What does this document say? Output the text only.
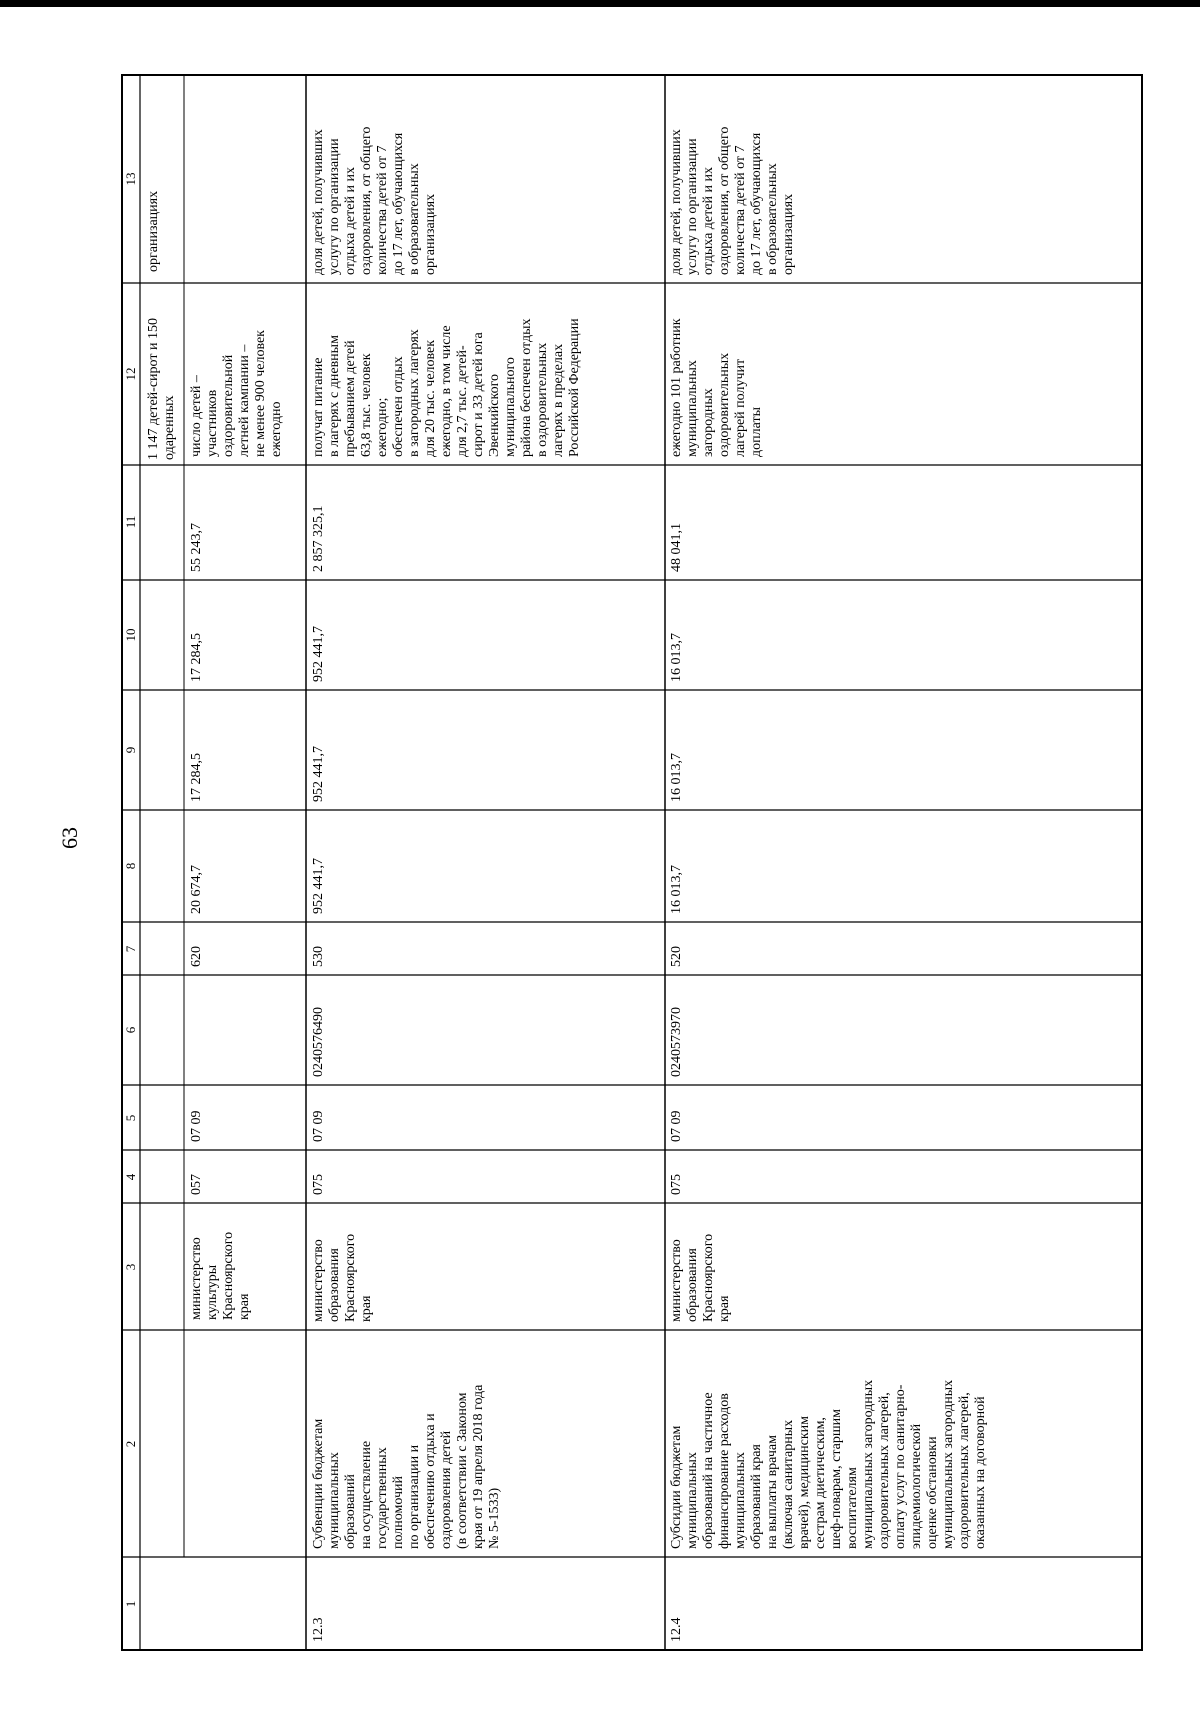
63
1
2
3
4
5
6
7
8
9
10
11
12
13
организациях
1 147 детей-сирот и 150 одаренных
министерство культуры Красноярского края
057
07 09
620
20 674,7
17 284,5
17 284,5
55 243,7
число детей – участников оздоровительной летней кампании – не менее 900 человек ежегодно
12.3
Субвенции бюджетам муниципальных образований на осуществление государственных полномочий по организации и обеспечению отдыха и оздоровления детей (в соответствии с Законом края от 19 апреля 2018 года № 5-1533)
министерство образования Красноярского края
075
07 09
0240576490
530
952 441,7
952 441,7
952 441,7
2 857 325,1
получат питание в лагерях с дневным пребыванием детей 63,8 тыс. человек ежегодно; обеспечен отдых в загородных лагерях для 20 тыс. человек ежегодно, в том числе для 2,7 тыс. детей- сирот и 33 детей юга Эвенкийского муниципального района беспечен отдых в оздоровительных лагерях в пределах Российской Федерации
доля детей, получивших услугу по организации отдыха детей и их оздоровления, от общего количества детей от 7 до 17 лет, обучающихся в образовательных организациях
12.4
Субсидии бюджетам муниципальных образований на частичное финансирование расходов муниципальных образований края на выплаты врачам (включая санитарных врачей), медицинским сестрам диетическим, шеф-поварам, старшим воспитателям муниципальных загородных оздоровительных лагерей, оплату услуг по санитарно- эпидемиологической оценке обстановки муниципальных загородных оздоровительных лагерей, оказанных на договорной
министерство образования Красноярского края
075
07 09
0240573970
520
16 013,7
16 013,7
16 013,7
48 041,1
ежегодно 101 работник муниципальных загородных оздоровительных лагерей получит доплаты
доля детей, получивших услугу по организации отдыха детей и их оздоровления, от общего количества детей от 7 до 17 лет, обучающихся в образовательных организациях
